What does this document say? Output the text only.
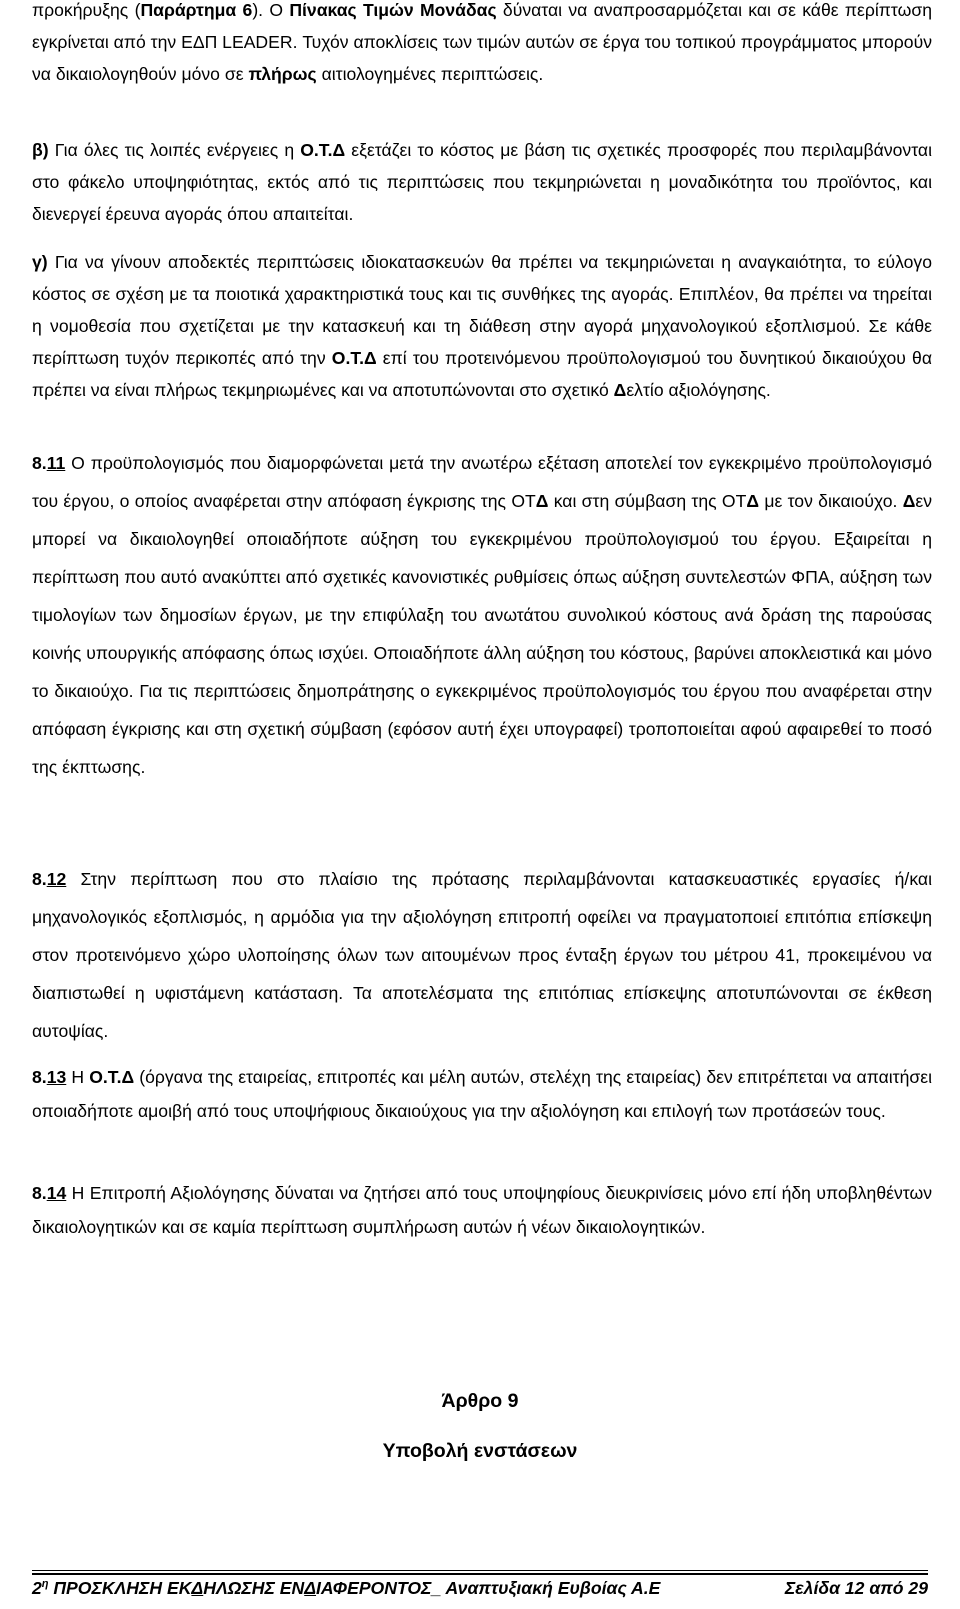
προκήρυξης (Παράρτημα 6). Ο Πίνακας Τιμών Μονάδας δύναται να αναπροσαρμόζεται και σε κάθε περίπτωση εγκρίνεται από την ΕΔΠ LEADER. Τυχόν αποκλίσεις των τιμών αυτών σε έργα του τοπικού προγράμματος μπορούν να δικαιολογηθούν μόνο σε πλήρως αιτιολογημένες περιπτώσεις.

β) Για όλες τις λοιπές ενέργειες η Ο.Τ.Δ εξετάζει το κόστος με βάση τις σχετικές προσφορές που περιλαμβάνονται στο φάκελο υποψηφιότητας, εκτός από τις περιπτώσεις που τεκμηριώνεται η μοναδικότητα του προϊόντος, και διενεργεί έρευνα αγοράς όπου απαιτείται.

γ) Για να γίνουν αποδεκτές περιπτώσεις ιδιοκατασκευών θα πρέπει να τεκμηριώνεται η αναγκαιότητα, το εύλογο κόστος σε σχέση με τα ποιοτικά χαρακτηριστικά τους και τις συνθήκες της αγοράς. Επιπλέον, θα πρέπει να τηρείται η νομοθεσία που σχετίζεται με την κατασκευή και τη διάθεση στην αγορά μηχανολογικού εξοπλισμού. Σε κάθε περίπτωση τυχόν περικοπές από την Ο.Τ.Δ επί του προτεινόμενου προϋπολογισμού του δυνητικού δικαιούχου θα πρέπει να είναι πλήρως τεκμηριωμένες και να αποτυπώνονται στο σχετικό Δελτίο αξιολόγησης.

8.11 Ο προϋπολογισμός που διαμορφώνεται μετά την ανωτέρω εξέταση αποτελεί τον εγκεκριμένο προϋπολογισμό του έργου, ο οποίος αναφέρεται στην απόφαση έγκρισης της ΟΤΔ και στη σύμβαση της ΟΤΔ με τον δικαιούχο. Δεν μπορεί να δικαιολογηθεί οποιαδήποτε αύξηση του εγκεκριμένου προϋπολογισμού του έργου. Εξαιρείται η περίπτωση που αυτό ανακύπτει από σχετικές κανονιστικές ρυθμίσεις όπως αύξηση συντελεστών ΦΠΑ, αύξηση των τιμολογίων των δημοσίων έργων, με την επιφύλαξη του ανωτάτου συνολικού κόστους ανά δράση της παρούσας κοινής υπουργικής απόφασης όπως ισχύει. Οποιαδήποτε άλλη αύξηση του κόστους, βαρύνει αποκλειστικά και μόνο το δικαιούχο. Για τις περιπτώσεις δημοπράτησης ο εγκεκριμένος προϋπολογισμός του έργου που αναφέρεται στην απόφαση έγκρισης και στη σχετική σύμβαση (εφόσον αυτή έχει υπογραφεί) τροποποιείται αφού αφαιρεθεί το ποσό της έκπτωσης.

8.12 Στην περίπτωση που στο πλαίσιο της πρότασης περιλαμβάνονται κατασκευαστικές εργασίες ή/και μηχανολογικός εξοπλισμός, η αρμόδια για την αξιολόγηση επιτροπή οφείλει να πραγματοποιεί επιτόπια επίσκεψη στον προτεινόμενο χώρο υλοποίησης όλων των αιτουμένων προς ένταξη έργων του μέτρου 41, προκειμένου να διαπιστωθεί η υφιστάμενη κατάσταση. Τα αποτελέσματα της επιτόπιας επίσκεψης αποτυπώνονται σε έκθεση αυτοψίας.

8.13 Η Ο.Τ.Δ (όργανα της εταιρείας, επιτροπές και μέλη αυτών, στελέχη της εταιρείας) δεν επιτρέπεται να απαιτήσει οποιαδήποτε αμοιβή από τους υποψήφιους δικαιούχους για την αξιολόγηση και επιλογή των προτάσεών τους.

8.14 Η Επιτροπή Αξιολόγησης δύναται να ζητήσει από τους υποψηφίους διευκρινίσεις μόνο επί ήδη υποβληθέντων δικαιολογητικών και σε καμία περίπτωση συμπλήρωση αυτών ή νέων δικαιολογητικών.

Άρθρο 9
Υποβολή ενστάσεων
$2^\eta$ ΠΡΟΣΚΛΗΣΗ ΕΚΔΗΛΩΣΗΣ ΕΝΔΙΑΦΕΡΟΝΤΟΣ_ Αναπτυξιακή Ευβοίας Α.Ε	Σελίδα 12 από 29
